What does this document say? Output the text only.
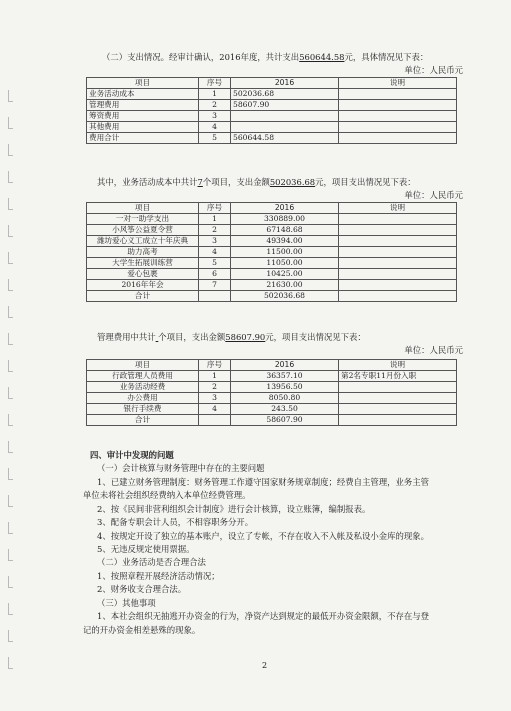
（二）支出情况。经审计确认，2016年度，共计支出560644.58元，具体情况见下表：
单位：人民币元
项目	序号	2016	说明
业务活动成本	1	502036.68	
管理费用	2	58607.90	
筹资费用	3		
其他费用	4		
费用合计	5	560644.58	
其中，业务活动成本中共计7个项目，支出金额502036.68元，项目支出情况见下表：
单位：人民币元
项目	序号	2016	说明
一对一助学支出	1	330889.00	
小风筝公益夏令营	2	67148.68	
潍坊爱心义工成立十年庆典	3	49394.00	
助力高考	4	11500.00	
大学生拓展训练营	5	11050.00	
爱心包裹	6	10425.00	
2016年年会	7	21630.00	
合计		502036.68	
管理费用中共计 个项目，支出金额58607.90元，项目支出情况见下表：
单位：人民币元
项目	序号	2016	说明
行政管理人员费用	1	36357.10	第2名专职11月份入职
业务活动经费	2	13956.50	
办公费用	3	8050.80	
银行手续费	4	243.50	
合计		58607.90	
四、审计中发现的问题
（一）会计核算与财务管理中存在的主要问题
1、已建立财务管理制度：财务管理工作遵守国家财务规章制度；经费自主管理，业务主管
单位未将社会组织经费纳入本单位经费管理。
2、按《民间非营利组织会计制度》进行会计核算，设立账簿，编制报表。
3、配备专职会计人员，不相容职务分开。
4、按规定开设了独立的基本账户，设立了专帐，不存在收入不入帐及私设小金库的现象。
5、无违反规定使用票据。
（二）业务活动是否合理合法
1、按照章程开展经济活动情况；
2、财务收支合理合法。
（三）其他事项
1、本社会组织无抽逃开办资金的行为，净资产达到规定的最低开办资金限额，不存在与登
记的开办资金相差悬殊的现象。
2
